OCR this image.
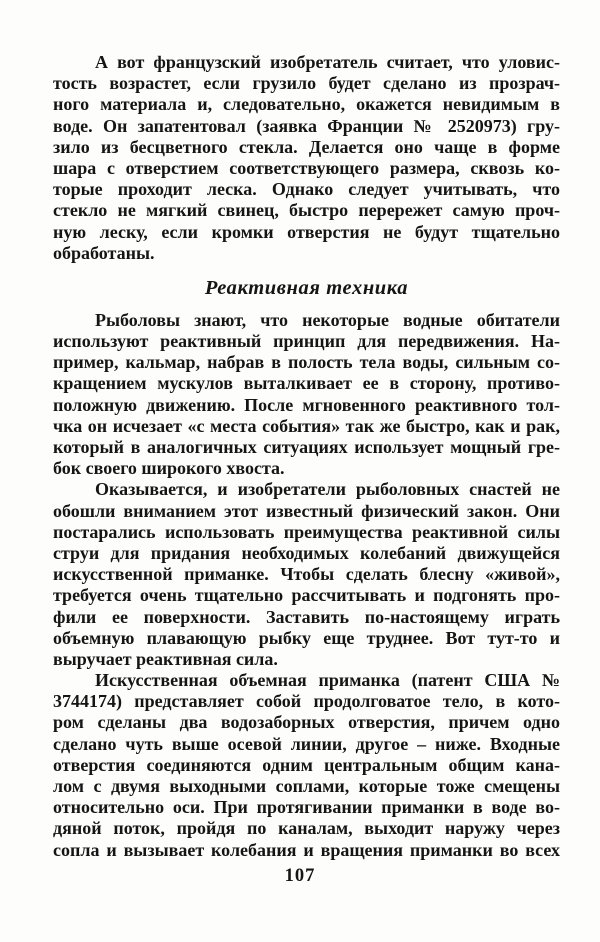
А вот французский изобретатель считает, что уловис-
тость возрастет, если грузило будет сделано из прозрач-
ного материала и, следовательно, окажется невидимым в
воде. Он запатентовал (заявка Франции № 2520973) гру-
зило из бесцветного стекла. Делается оно чаще в форме
шара с отверстием соответствующего размера, сквозь ко-
торые проходит леска. Однако следует учитывать, что
стекло не мягкий свинец, быстро перережет самую проч-
ную леску, если кромки отверстия не будут тщательно
обработаны.
Реактивная техника
Рыболовы знают, что некоторые водные обитатели
используют реактивный принцип для передвижения. На-
пример, кальмар, набрав в полость тела воды, сильным со-
кращением мускулов выталкивает ее в сторону, противо-
положную движению. После мгновенного реактивного тол-
чка он исчезает «с места события» так же быстро, как и рак,
который в аналогичных ситуациях использует мощный гре-
бок своего широкого хвоста.
Оказывается, и изобретатели рыболовных снастей не
обошли вниманием этот известный физический закон. Они
постарались использовать преимущества реактивной силы
струи для придания необходимых колебаний движущейся
искусственной приманке. Чтобы сделать блесну «живой»,
требуется очень тщательно рассчитывать и подгонять про-
фили ее поверхности. Заставить по-настоящему играть
объемную плавающую рыбку еще труднее. Вот тут-то и
выручает реактивная сила.
Искусственная объемная приманка (патент США №
3744174) представляет собой продолговатое тело, в кото-
ром сделаны два водозаборных отверстия, причем одно
сделано чуть выше осевой линии, другое – ниже. Входные
отверстия соединяются одним центральным общим кана-
лом с двумя выходными соплами, которые тоже смещены
относительно оси. При протягивании приманки в воде во-
дяной поток, пройдя по каналам, выходит наружу через
сопла и вызывает колебания и вращения приманки во всех
107
